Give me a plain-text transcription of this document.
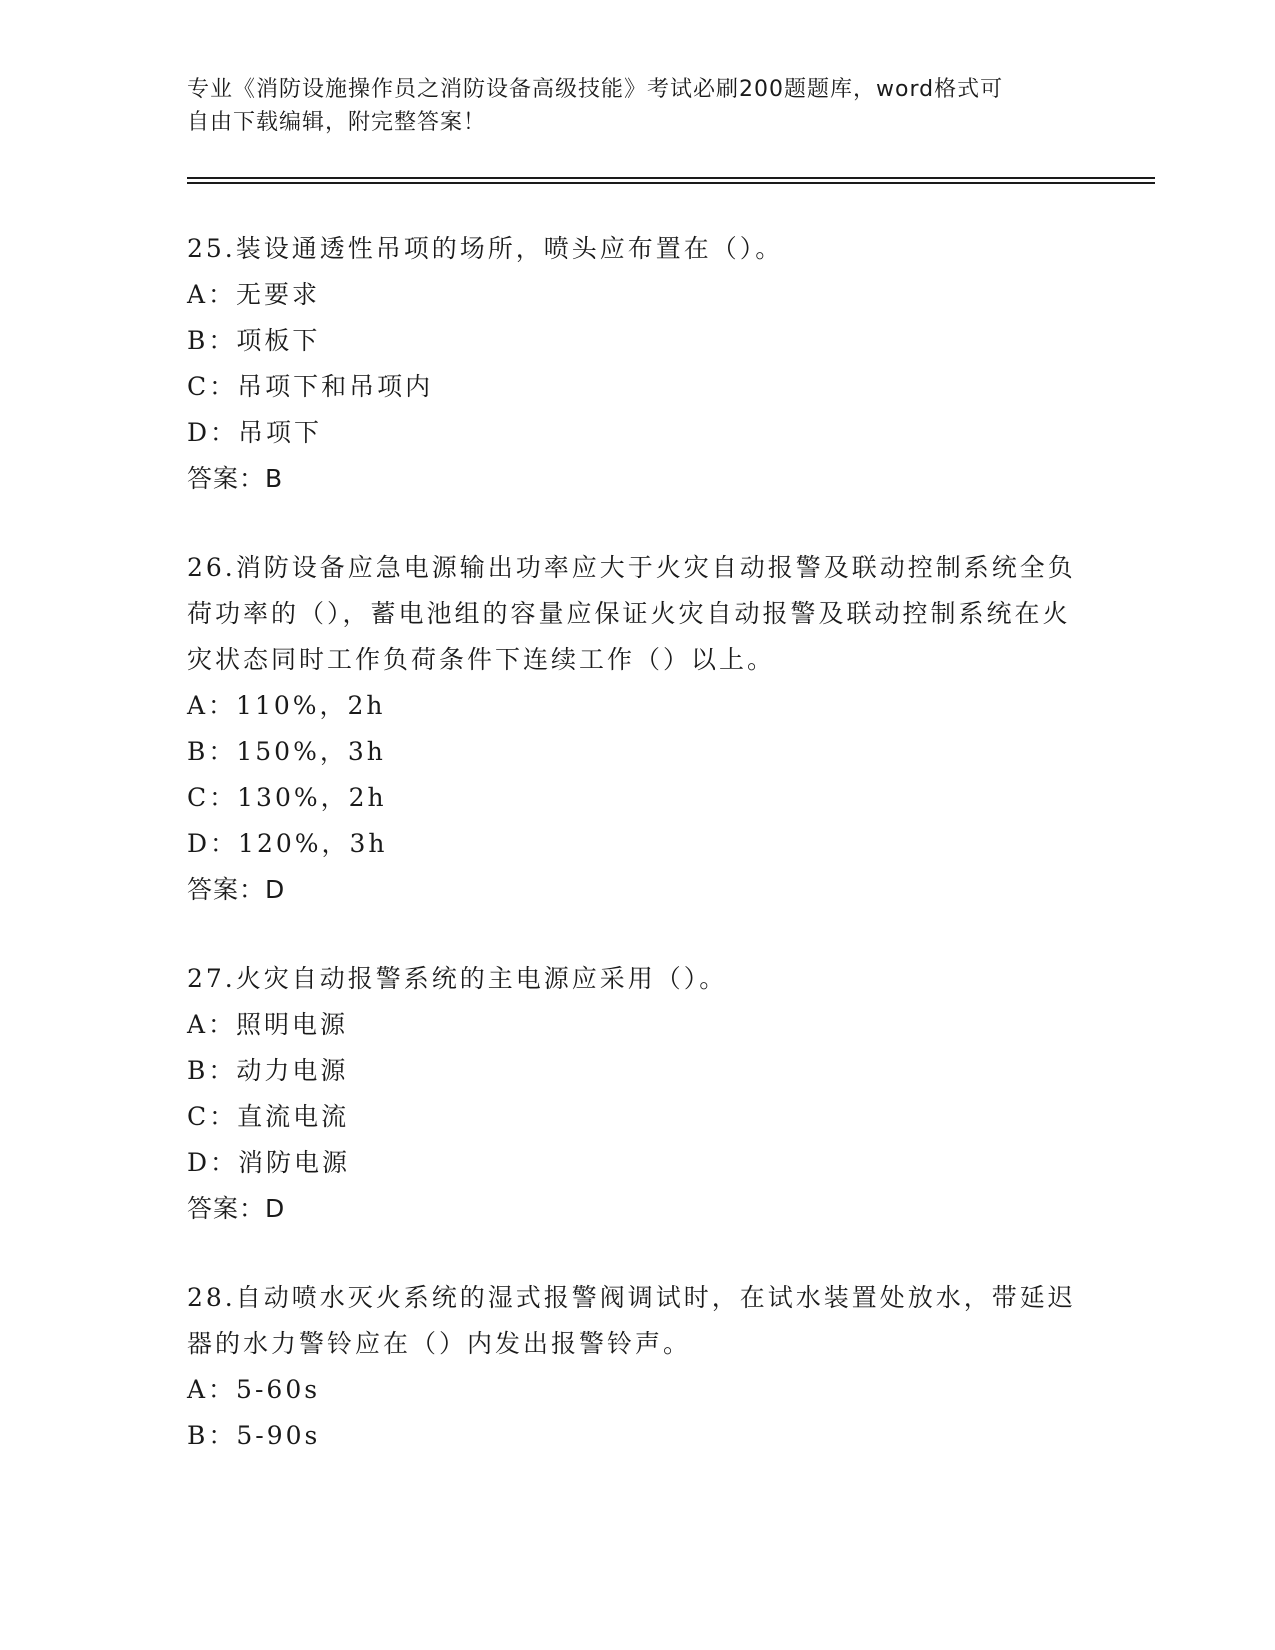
专业《消防设施操作员之消防设备高级技能》考试必刷200题题库，word格式可

自由下载编辑，附完整答案！

25.装设通透性吊项的场所，喷头应布置在（）。

A：无要求

B：项板下

C：吊项下和吊项内

D：吊项下

答案：B

26.消防设备应急电源输出功率应大于火灾自动报警及联动控制系统全负荷功率的（），蓄电池组的容量应保证火灾自动报警及联动控制系统在火灾状态同时工作负荷条件下连续工作（）以上。

A：110%，2h

B：150%，3h

C：130%，2h

D：120%，3h

答案：D

27.火灾自动报警系统的主电源应采用（）。

A：照明电源

B：动力电源

C：直流电流

D：消防电源

答案：D

28.自动喷水灭火系统的湿式报警阀调试时，在试水装置处放水，带延迟器的水力警铃应在（）内发出报警铃声。

A：5-60s

B：5-90s
